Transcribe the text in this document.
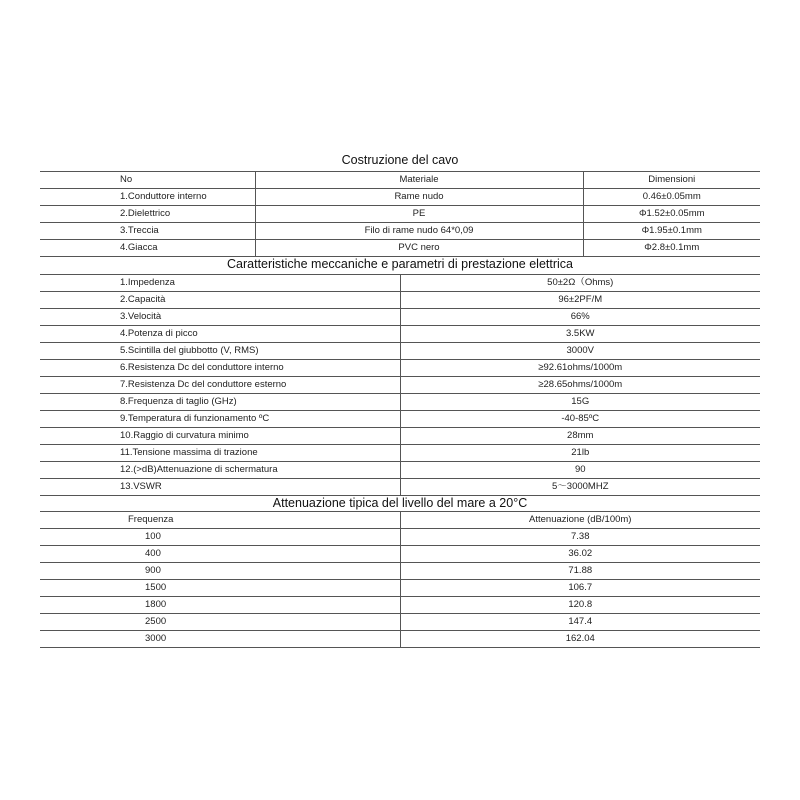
Costruzione del cavo
No	Materiale	Dimensioni
1.Conduttore interno	Rame nudo	0.46±0.05mm
2.Dielettrico	PE	Φ1.52±0.05mm
3.Treccia	Filo di rame nudo 64*0,09	Φ1.95±0.1mm
4.Giacca	PVC nero	Φ2.8±0.1mm
Caratteristiche meccaniche e parametri di prestazione elettrica
1.Impedenza	50±2Ω（Ohms)
2.Capacità	96±2PF/M
3.Velocità	66%
4.Potenza di picco	3.5KW
5.Scintilla del giubbotto (V, RMS)	3000V
6.Resistenza Dc del conduttore interno	≥92.61ohms/1000m
7.Resistenza Dc del conduttore esterno	≥28.65ohms/1000m
8.Frequenza di taglio (GHz)	15G
9.Temperatura di funzionamento ºC	-40-85ºC
10.Raggio di curvatura minimo	28mm
11.Tensione massima di trazione	21lb
12.(>dB)Attenuazione di schermatura	90
13.VSWR	5～3000MHZ
Attenuazione tipica del livello del mare a 20°C
Frequenza	Attenuazione (dB/100m)
100	7.38
400	36.02
900	71.88
1500	106.7
1800	120.8
2500	147.4
3000	162.04
